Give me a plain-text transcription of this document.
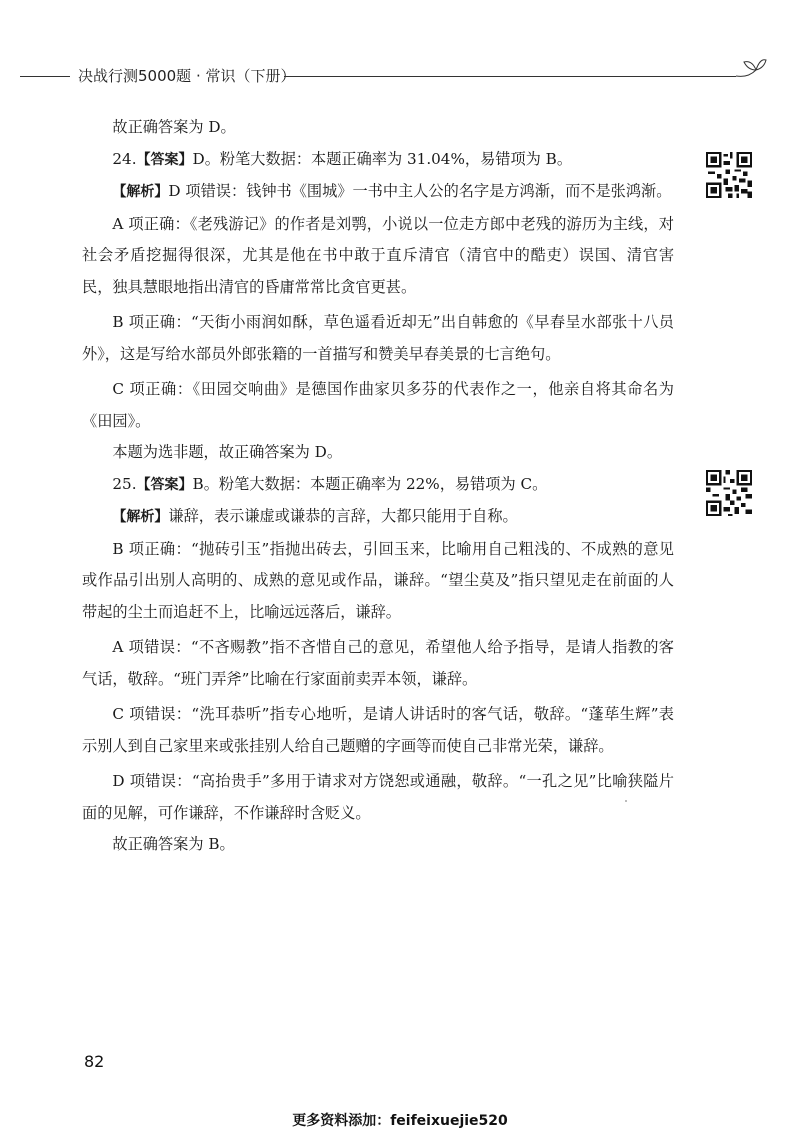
决战行测5000题 · 常识（下册）

故正确答案为 D。

24.【答案】D。粉笔大数据：本题正确率为 31.04%，易错项为 B。

【解析】D 项错误：钱钟书《围城》一书中主人公的名字是方鸿渐，而不是张鸿渐。

A 项正确：《老残游记》的作者是刘鹗，小说以一位走方郎中老残的游历为主线，对社会矛盾挖掘得很深，尤其是他在书中敢于直斥清官（清官中的酷吏）误国、清官害民，独具慧眼地指出清官的昏庸常常比贪官更甚。

B 项正确：“天街小雨润如酥，草色遥看近却无”出自韩愈的《早春呈水部张十八员外》，这是写给水部员外郎张籍的一首描写和赞美早春美景的七言绝句。

C 项正确：《田园交响曲》是德国作曲家贝多芬的代表作之一，他亲自将其命名为《田园》。

本题为选非题，故正确答案为 D。

25.【答案】B。粉笔大数据：本题正确率为 22%，易错项为 C。

【解析】谦辞，表示谦虚或谦恭的言辞，大都只能用于自称。

B 项正确：“抛砖引玉”指抛出砖去，引回玉来，比喻用自己粗浅的、不成熟的意见或作品引出别人高明的、成熟的意见或作品，谦辞。“望尘莫及”指只望见走在前面的人带起的尘土而追赶不上，比喻远远落后，谦辞。

A 项错误：“不吝赐教”指不吝惜自己的意见，希望他人给予指导，是请人指教的客气话，敬辞。“班门弄斧”比喻在行家面前卖弄本领，谦辞。

C 项错误：“洗耳恭听”指专心地听，是请人讲话时的客气话，敬辞。“蓬荜生辉”表示别人到自己家里来或张挂别人给自己题赠的字画等而使自己非常光荣，谦辞。

D 项错误：“高抬贵手”多用于请求对方饶恕或通融，敬辞。“一孔之见”比喻狭隘片面的见解，可作谦辞，不作谦辞时含贬义。

故正确答案为 B。

82
更多资料添加：feifeixuejie520
